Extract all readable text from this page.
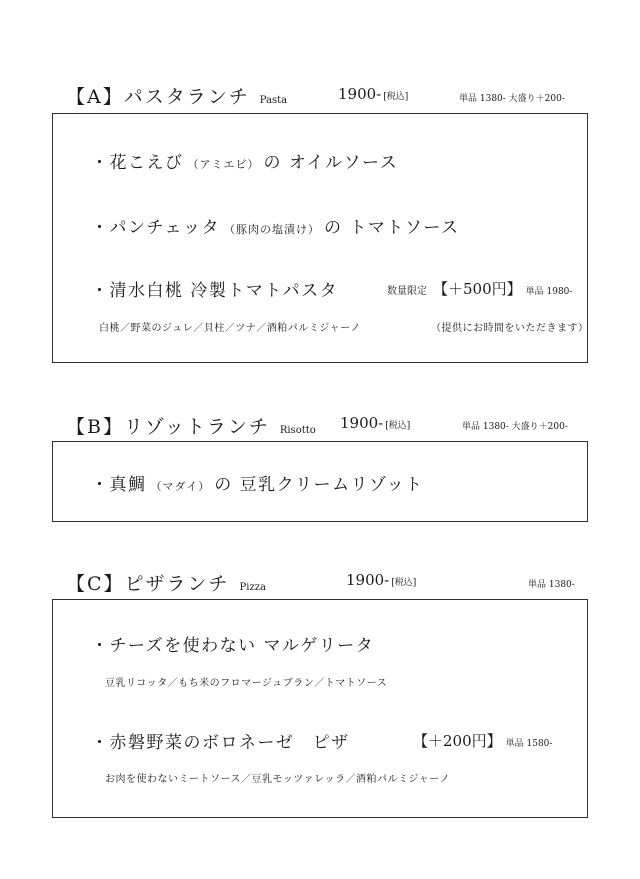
【A】パスタランチ Pasta	1900- [税込]	単品 1380- 大盛り＋200-
・花こえび （アミエビ） の オイルソース
・パンチェッタ （豚肉の塩漬け） の トマトソース
・清水白桃 冷製トマトパスタ	数量限定 【＋500円】 単品 1980-
白桃／野菜のジュレ／貝柱／ツナ／酒粕パルミジャーノ	（提供にお時間をいただきます）
【B】リゾットランチ Risotto 1900- [税込]	単品 1380- 大盛り＋200-
・真鯛 （マダイ） の 豆乳クリームリゾット
【C】ピザランチ Pizza	1900- [税込]	単品 1380-
・チーズを使わない マルゲリータ
豆乳リコッタ／もち米のフロマージュブラン／トマトソース
・赤磐野菜のボロネーゼ　ピザ	【＋200円】 単品 1580-
お肉を使わないミートソース／豆乳モッツァレッラ／酒粕パルミジャーノ
